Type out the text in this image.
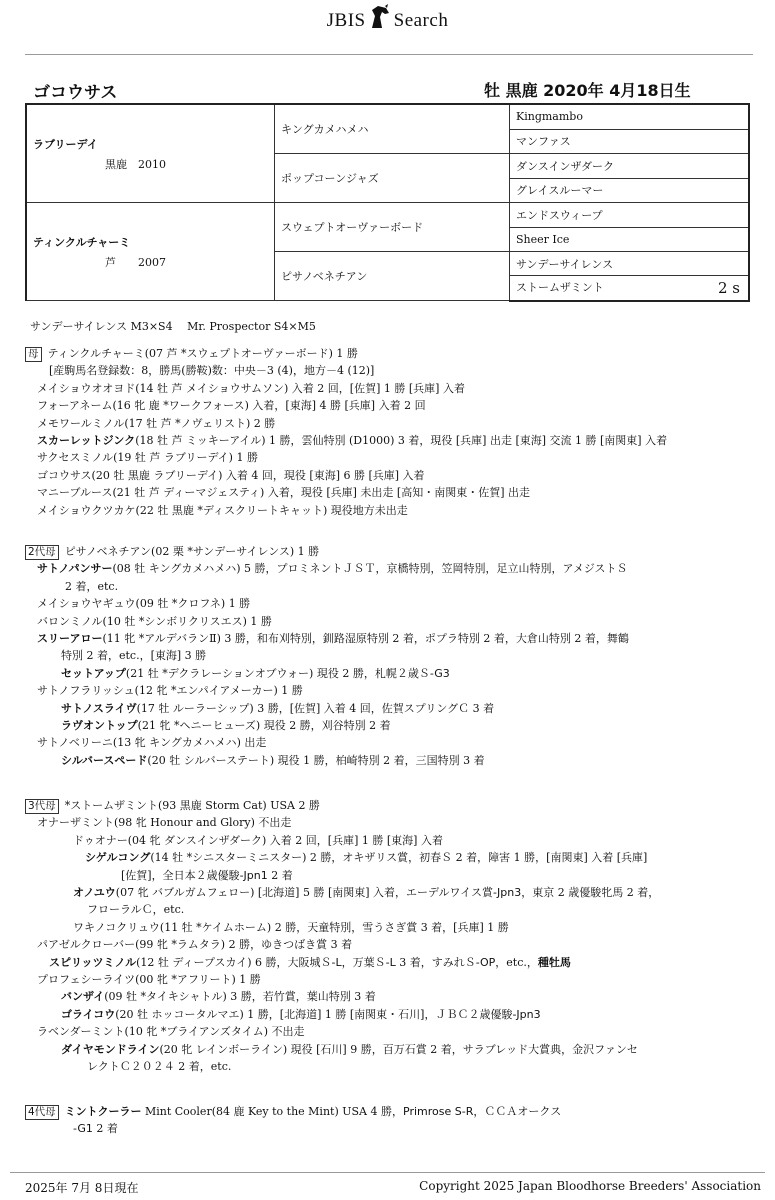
JBIS Search
ゴコウサス	牡 黒鹿 2020年 4月18日生
ラブリーデイ
黒鹿　2010	キングカメハメハ	Kingmambo
		マンファス
	ポップコーンジャズ	ダンスインザダーク
		グレイスルーマー

ティンクルチャーミ
芦　　2007	スウェプトオーヴァーボード	エンドスウィープ
		Sheer Ice
	ピサノベネチアン	サンデーサイレンス
		ストームザミント 2 s
サンデーサイレンス M3×S4　 Mr. Prospector S4×M5
母 ティンクルチャーミ(07 芦 *スウェプトオーヴァーボード) 1 勝
[産駒馬名登録数：8，勝馬(勝鞍)数：中央－3 (4)，地方－4 (12)]
メイショウオオヨド(14 牡 芦 メイショウサムソン) 入着 2 回，[佐賀] 1 勝 [兵庫] 入着
フォーアネーム(16 牝 鹿 *ワークフォース) 入着，[東海] 4 勝 [兵庫] 入着 2 回
メモワールミノル(17 牡 芦 *ノヴェリスト) 2 勝
スカーレットジンク(18 牡 芦 ミッキーアイル) 1 勝，雲仙特別 (D1000) 3 着，現役 [兵庫] 出走 [東海] 交流 1 勝 [南関東] 入着
サクセスミノル(19 牡 芦 ラブリーデイ) 1 勝
ゴコウサス(20 牡 黒鹿 ラブリーデイ) 入着 4 回，現役 [東海] 6 勝 [兵庫] 入着
マニーブルース(21 牡 芦 ディーマジェスティ) 入着，現役 [兵庫] 未出走 [高知・南関東・佐賀] 出走
メイショウクツカケ(22 牡 黒鹿 *ディスクリートキャット) 現役地方未出走
2代母 ピサノベネチアン(02 栗 *サンデーサイレンス) 1 勝
サトノパンサー(08 牡 キングカメハメハ) 5 勝，プロミネントＪＳＴ，京橋特別，笠岡特別，足立山特別，アメジストＳ
2 着，etc.
メイショウヤギュウ(09 牡 *クロフネ) 1 勝
バロンミノル(10 牡 *シンボリクリスエス) 1 勝
スリーアロー(11 牝 *アルデバランⅡ) 3 勝，和布刈特別，釧路湿原特別 2 着，ポプラ特別 2 着，大倉山特別 2 着，舞鶴
特別 2 着，etc.，[東海] 3 勝
セットアップ(21 牡 *デクラレーションオブウォー) 現役 2 勝，札幌２歳Ｓ-G3
サトノフラリッシュ(12 牝 *エンパイアメーカー) 1 勝
サトノスライヴ(17 牡 ルーラーシップ) 3 勝，[佐賀] 入着 4 回，佐賀スプリングＣ 3 着
ラヴオントップ(21 牝 *ヘニーヒューズ) 現役 2 勝，刈谷特別 2 着
サトノベリーニ(13 牝 キングカメハメハ) 出走
シルバースペード(20 牡 シルバーステート) 現役 1 勝，柏崎特別 2 着，三国特別 3 着
3代母 *ストームザミント(93 黒鹿 Storm Cat) USA 2 勝
オナーザミント(98 牝 Honour and Glory) 不出走
ドゥオナー(04 牝 ダンスインザダーク) 入着 2 回，[兵庫] 1 勝 [東海] 入着
シゲルコング(14 牡 *シニスターミニスター) 2 勝，オキザリス賞，初春Ｓ 2 着，障害 1 勝，[南関東] 入着 [兵庫]
[佐賀]，全日本２歳優駿-Jpn1 2 着
オノユウ(07 牝 バブルガムフェロー) [北海道] 5 勝 [南関東] 入着，エーデルワイス賞-Jpn3，東京 2 歳優駿牝馬 2 着，
フローラルＣ，etc.
ワキノコクリュウ(11 牡 *ケイムホーム) 2 勝，天童特別，雪うさぎ賞 3 着，[兵庫] 1 勝
パアゼルクローバー(99 牝 *ラムタラ) 2 勝，ゆきつばき賞 3 着
スピリッツミノル(12 牡 ディープスカイ) 6 勝，大阪城Ｓ-L，万葉Ｓ-L 3 着，すみれＳ-OP，etc.，種牡馬
プロフェシーライツ(00 牝 *アフリート) 1 勝
バンザイ(09 牡 *タイキシャトル) 3 勝，若竹賞，葉山特別 3 着
ゴライコウ(20 牡 ホッコータルマエ) 1 勝，[北海道] 1 勝 [南関東・石川]，ＪＢＣ２歳優駿-Jpn3
ラベンダーミント(10 牝 *ブライアンズタイム) 不出走
ダイヤモンドライン(20 牝 レインボーライン) 現役 [石川] 9 勝，百万石賞 2 着，サラブレッド大賞典，金沢ファンセ
レクトＣ２０２４ 2 着，etc.
4代母 ミントクーラー Mint Cooler(84 鹿 Key to the Mint) USA 4 勝，Primrose S-R，ＣＣＡオークス
-G1 2 着
2025年 7月 8日現在	Copyright 2025 Japan Bloodhorse Breeders' Association
